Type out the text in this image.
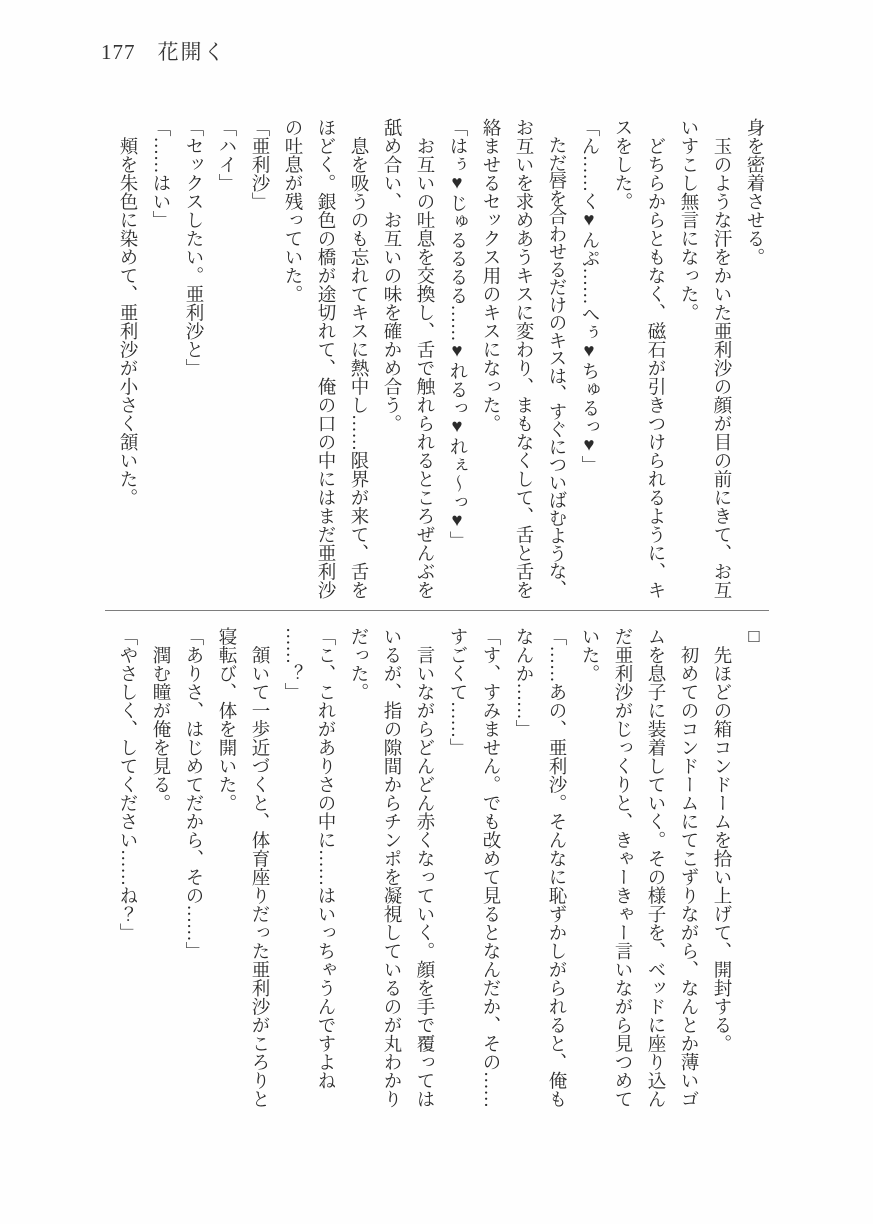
177 花開く

身を密着させる。

　玉のような汗をかいた亜利沙の顔が目の前にきて、お互

いすこし無言になった。

　どちらからともなく、磁石が引きつけられるように、キ

スをした。

「ん……く♥んぷ……へぅ♥ちゅるっ♥」

　ただ唇を合わせるだけのキスは、すぐについばむような、

お互いを求めあうキスに変わり、まもなくして、舌と舌を

絡ませるセックス用のキスになった。

「はぅ♥じゅるるるる……♥れるっ♥れぇ〜っ♥」

　お互いの吐息を交換し、舌で触れられるところぜんぶを

舐め合い、お互いの味を確かめ合う。

　息を吸うのも忘れてキスに熱中し……限界が来て、舌を

ほどく。銀色の橋が途切れて、俺の口の中にはまだ亜利沙

の吐息が残っていた。

「亜利沙」

「ハイ」

「セックスしたい。亜利沙と」

「……はい」

　頬を朱色に染めて、亜利沙が小さく頷いた。

□

　先ほどの箱コンドームを拾い上げて、開封する。

　初めてのコンドームにてこずりながら、なんとか薄いゴ

ムを息子に装着していく。その様子を、ベッドに座り込ん

だ亜利沙がじっくりと、きゃーきゃー言いながら見つめて

いた。

「……あの、亜利沙。そんなに恥ずかしがられると、俺も

なんか……」

「す、すみません。でも改めて見るとなんだか、その……

すごくて……」

　言いながらどんどん赤くなっていく。顔を手で覆っては

いるが、指の隙間からチンポを凝視しているのが丸わかり

だった。

「こ、これがありさの中に……はいっちゃうんですよね

……？」

　頷いて一歩近づくと、体育座りだった亜利沙がころりと

寝転び、体を開いた。

「ありさ、はじめてだから、その……」

　潤む瞳が俺を見る。

「やさしく、してください……ね？」
